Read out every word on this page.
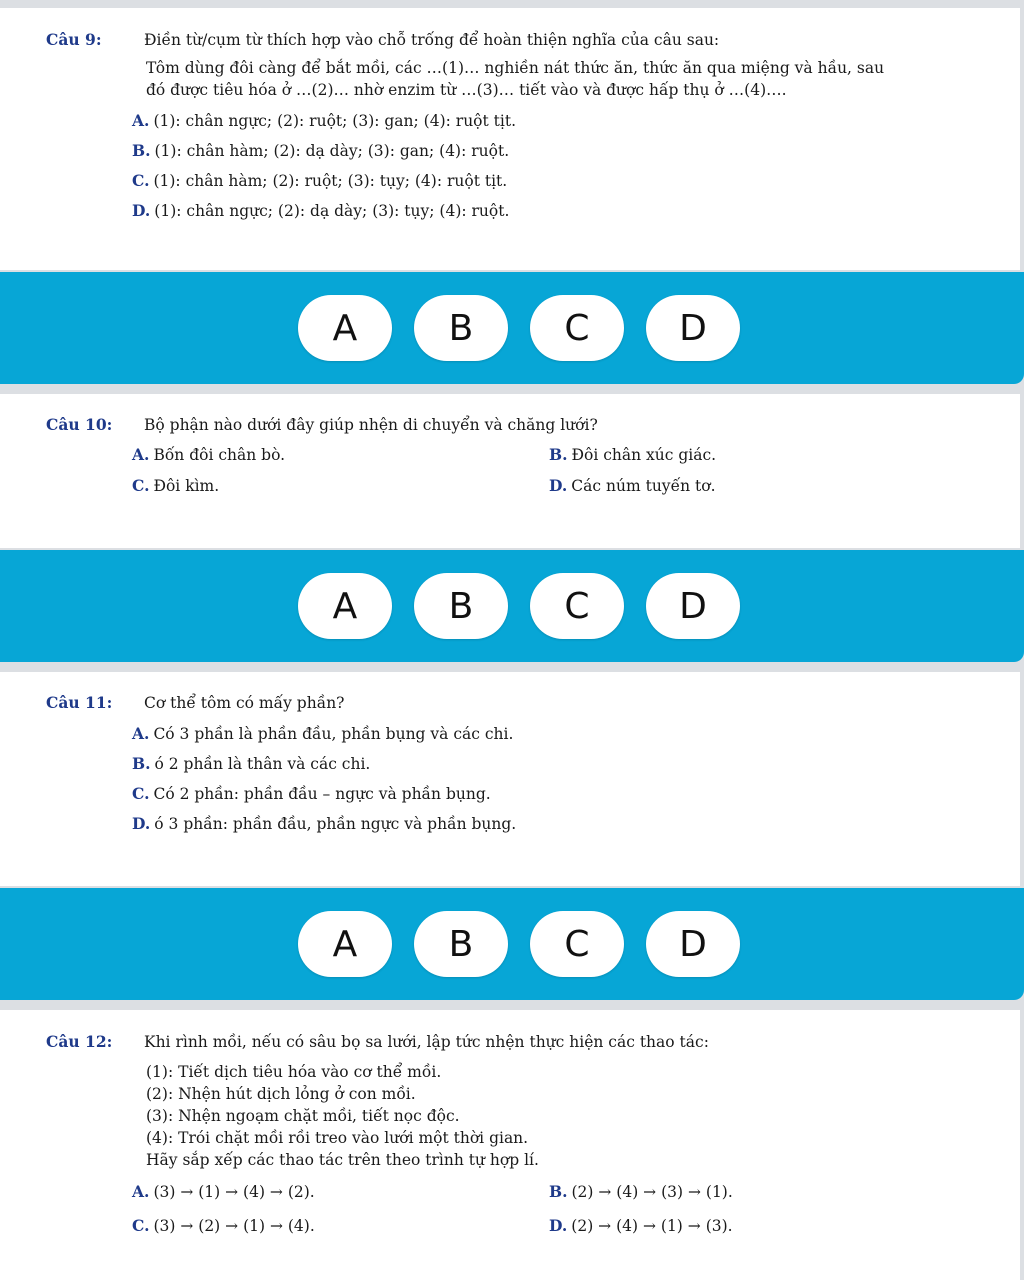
Câu 9:	Điền từ/cụm từ thích hợp vào chỗ trống để hoàn thiện nghĩa của câu sau:
Tôm dùng đôi càng để bắt mồi, các …(1)… nghiền nát thức ăn, thức ăn qua miệng và hầu, sau
đó được tiêu hóa ở …(2)… nhờ enzim từ …(3)… tiết vào và được hấp thụ ở …(4)….
A. (1): chân ngực; (2): ruột; (3): gan; (4): ruột tịt.
B. (1): chân hàm; (2): dạ dày; (3): gan; (4): ruột.
C. (1): chân hàm; (2): ruột; (3): tụy; (4): ruột tịt.
D. (1): chân ngực; (2): dạ dày; (3): tụy; (4): ruột.
A	B	C	D
Câu 10:	Bộ phận nào dưới đây giúp nhện di chuyển và chăng lưới?
A. Bốn đôi chân bò.	B. Đôi chân xúc giác.
C. Đôi kìm.	D. Các núm tuyến tơ.
A	B	C	D
Câu 11:	Cơ thể tôm có mấy phần?
A. Có 3 phần là phần đầu, phần bụng và các chi.
B. ó 2 phần là thân và các chi.
C. Có 2 phần: phần đầu – ngực và phần bụng.
D. ó 3 phần: phần đầu, phần ngực và phần bụng.
A	B	C	D
Câu 12:	Khi rình mồi, nếu có sâu bọ sa lưới, lập tức nhện thực hiện các thao tác:
(1): Tiết dịch tiêu hóa vào cơ thể mồi.
(2): Nhện hút dịch lỏng ở con mồi.
(3): Nhện ngoạm chặt mồi, tiết nọc độc.
(4): Trói chặt mồi rồi treo vào lưới một thời gian.
Hãy sắp xếp các thao tác trên theo trình tự hợp lí.
A. (3) → (1) → (4) → (2).	B. (2) → (4) → (3) → (1).
C. (3) → (2) → (1) → (4).	D. (2) → (4) → (1) → (3).
